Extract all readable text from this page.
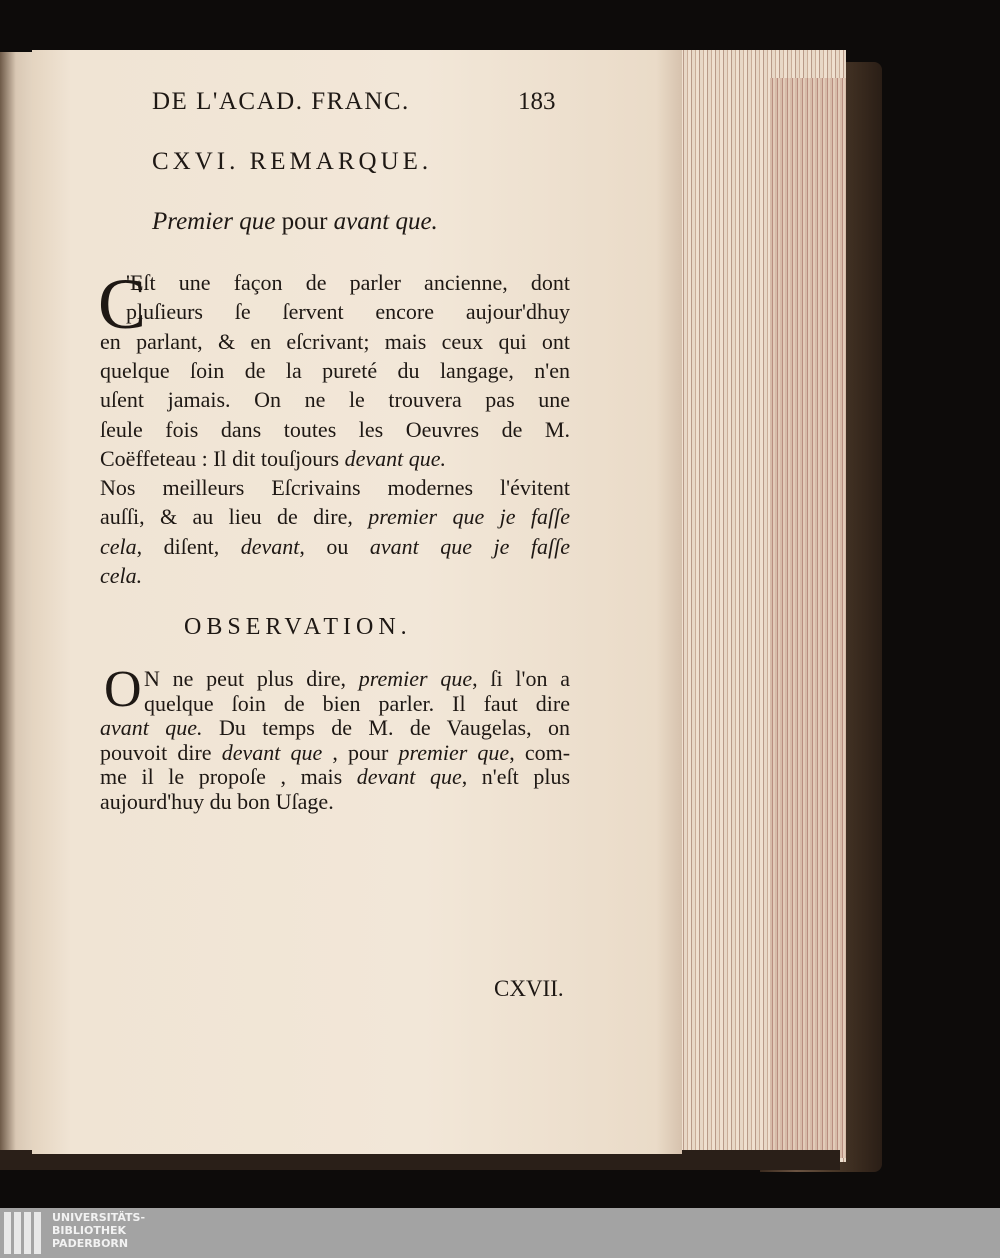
DE L'ACAD. FRANC.	183
CXVI. REMARQUE.
Premier que pour avant que.
C
'Eſt une façon de parler ancienne, dont
pluſieurs ſe ſervent encore aujour'dhuy
en parlant, & en eſcrivant; mais ceux qui ont
quelque ſoin de la pureté du langage, n'en
uſent jamais. On ne le trouvera pas une
ſeule fois dans toutes les Oeuvres de M.
Coëffeteau : Il dit touſjours devant que.
Nos meilleurs Eſcrivains modernes l'évitent
auſſi, & au lieu de dire, premier que je faſſe
cela, diſent, devant, ou avant que je faſſe
cela.
OBSERVATION.
O N ne peut plus dire, premier que, ſi l'on a
quelque ſoin de bien parler. Il faut dire
avant que. Du temps de M. de Vaugelas, on
pouvoit dire devant que , pour premier que, com-
me il le propoſe , mais devant que, n'eſt plus
aujourd'huy du bon Uſage.
CXVII.
UNIVERSITÄTS-
BIBLIOTHEK
PADERBORN
